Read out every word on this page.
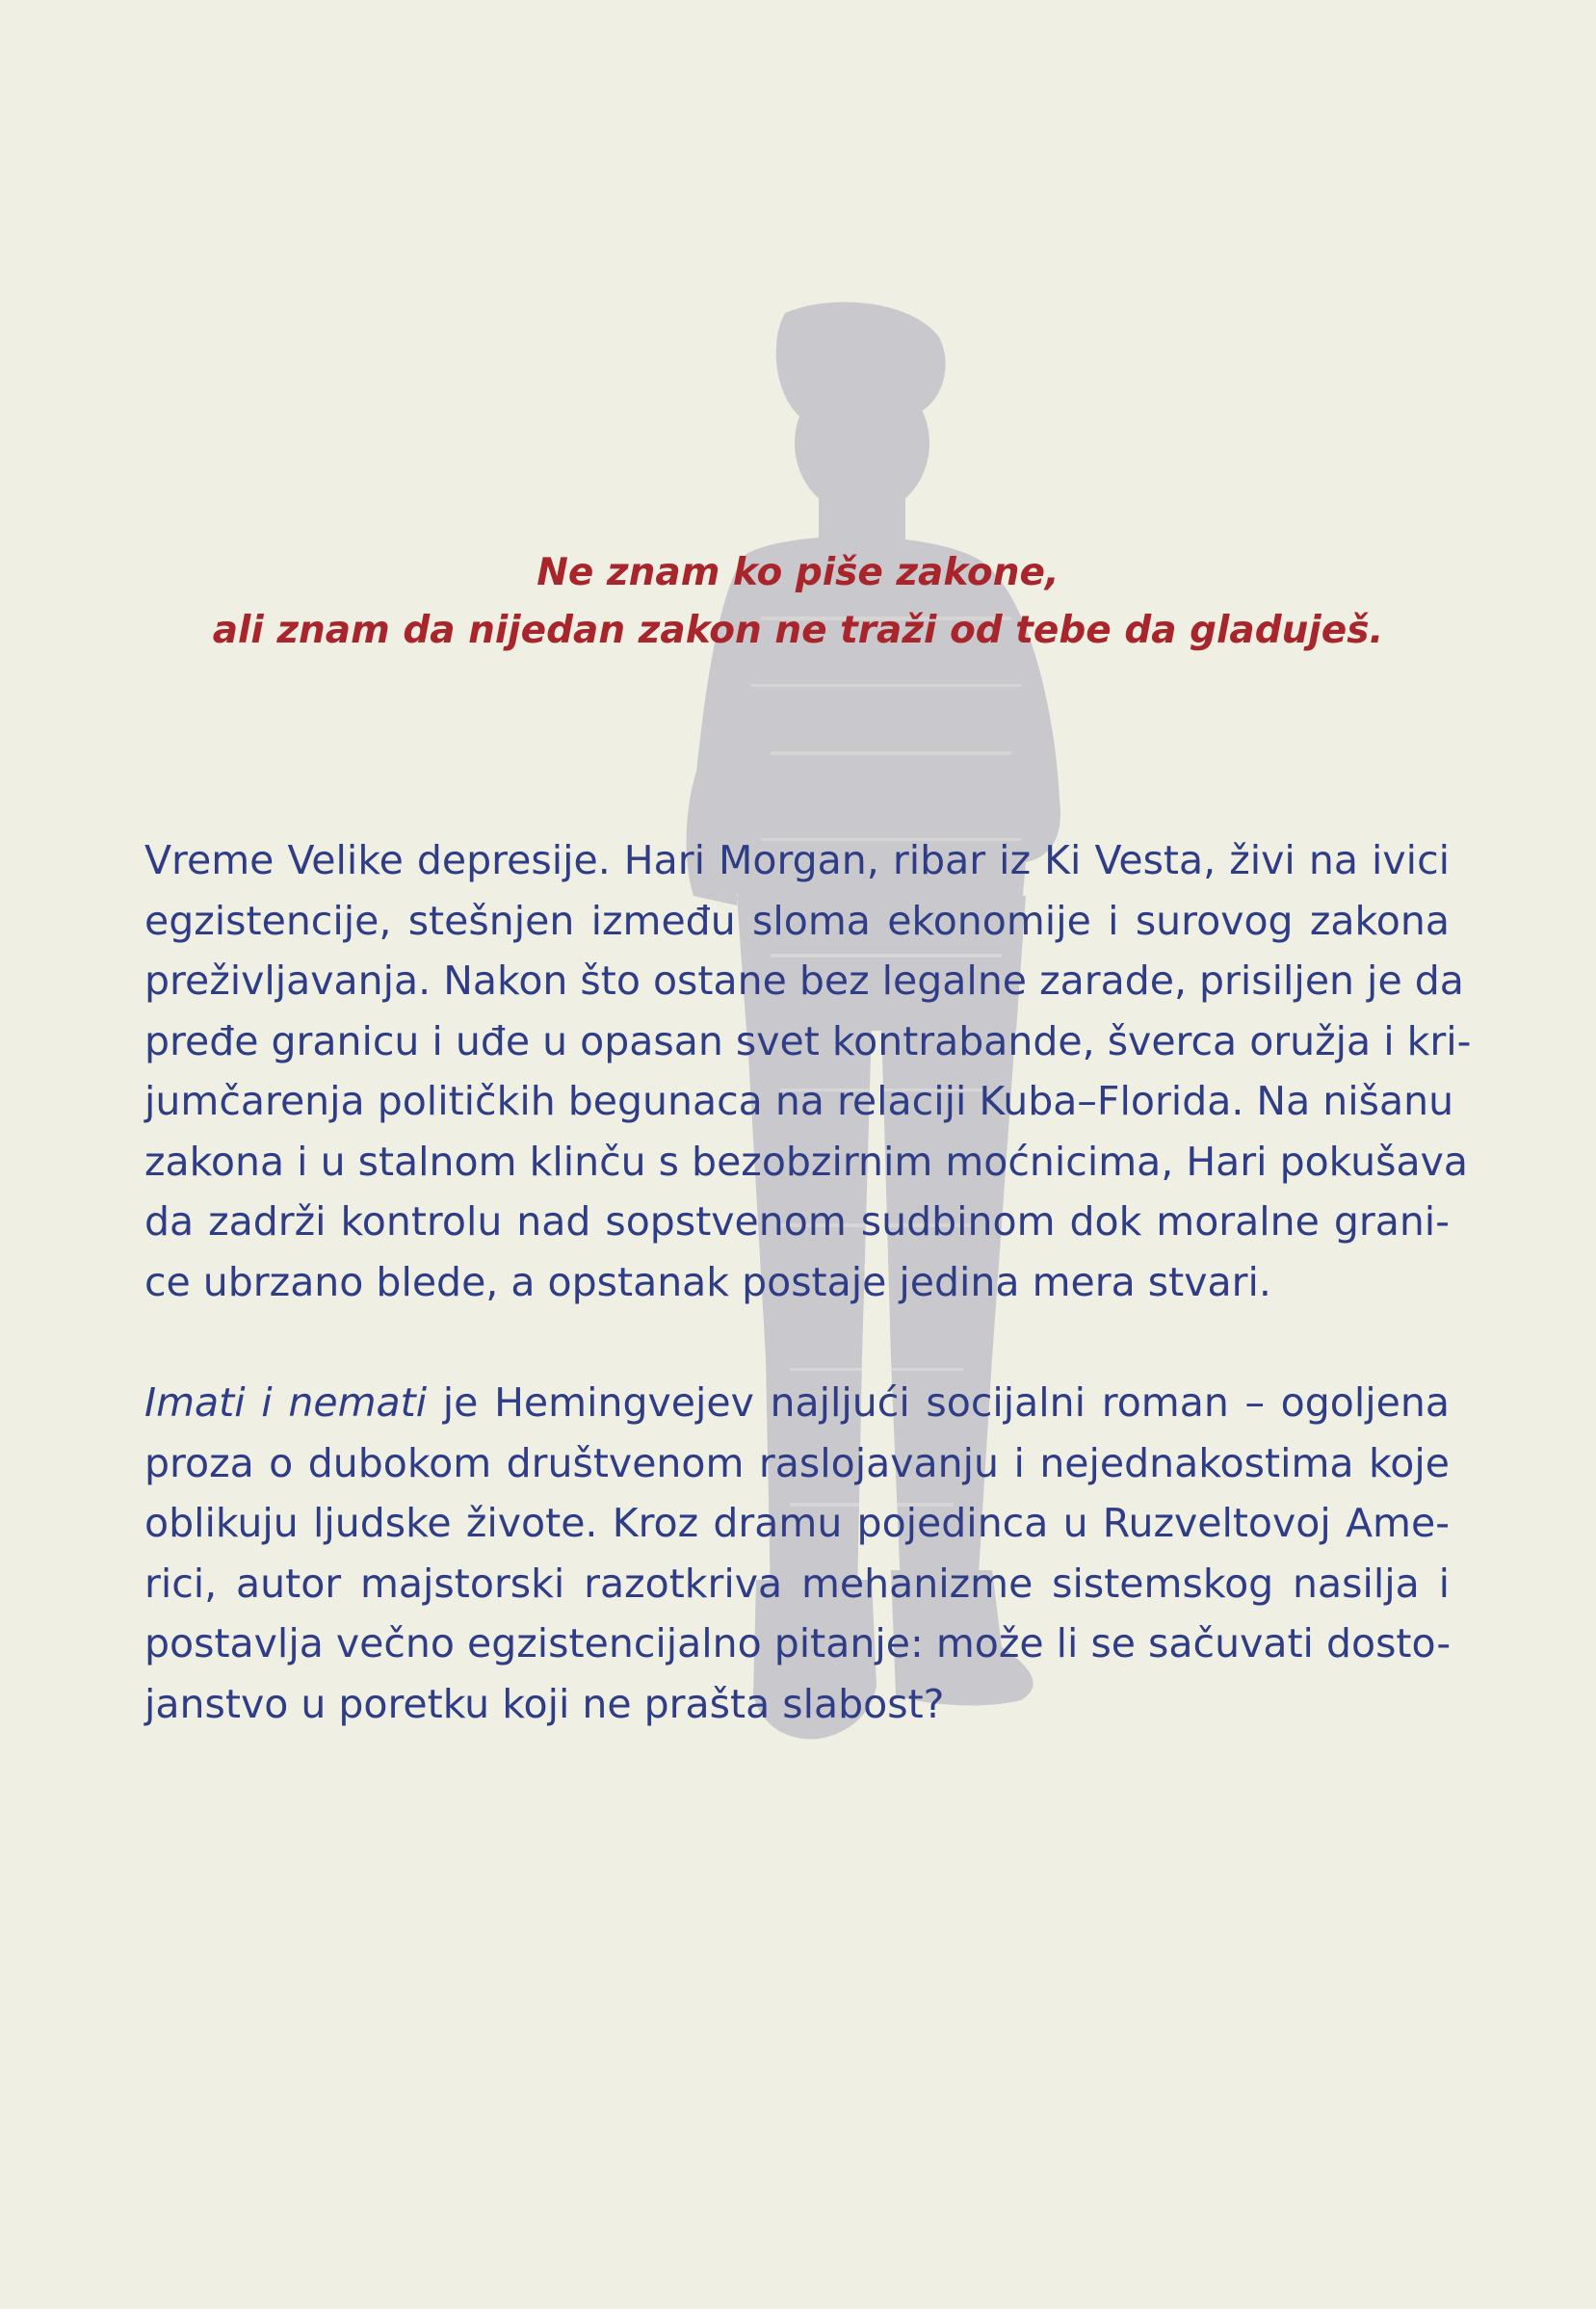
Ne znam ko piše zakone,
ali znam da nijedan zakon ne traži od tebe da gladuješ.
Vreme Velike depresije. Hari Morgan, ribar iz Ki Vesta, živi na ivici
egzistencije, stešnjen između sloma ekonomije i surovog zakona
preživljavanja. Nakon što ostane bez legalne zarade, prisiljen je da
pređe granicu i uđe u opasan svet kontrabande, šverca oružja i kri-
jumčarenja političkih begunaca na relaciji Kuba–Florida. Na nišanu
zakona i u stalnom klinču s bezobzirnim moćnicima, Hari pokušava
da zadrži kontrolu nad sopstvenom sudbinom dok moralne grani-
ce ubrzano blede, a opstanak postaje jedina mera stvari.
Imati i nemati je Hemingvejev najljući socijalni roman – ogoljena
proza o dubokom društvenom raslojavanju i nejednakostima koje
oblikuju ljudske živote. Kroz dramu pojedinca u Ruzveltovoj Ame-
rici, autor majstorski razotkriva mehanizme sistemskog nasilja i
postavlja večno egzistencijalno pitanje: može li se sačuvati dosto-
janstvo u poretku koji ne prašta slabost?
